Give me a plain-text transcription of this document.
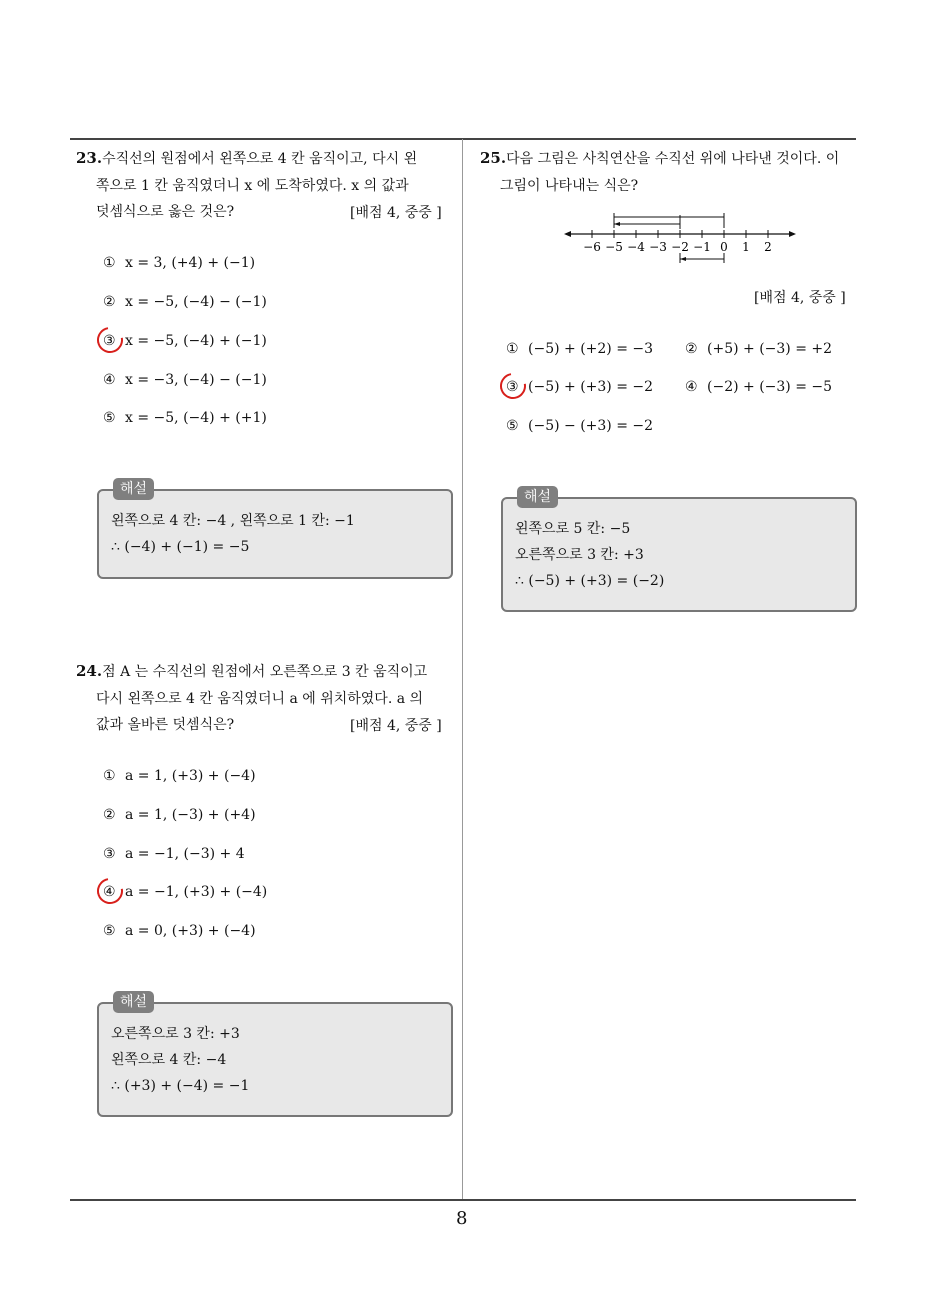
23.수직선의 원점에서 왼쪽으로 4 칸 움직이고, 다시 왼
쪽으로 1 칸 움직였더니 x 에 도착하였다. x 의 값과
덧셈식으로 옳은 것은?	[배점 4, 중중 ]
① x = 3, (+4) + (−1)
② x = −5, (−4) − (−1)
③ x = −5, (−4) + (−1)
④ x = −3, (−4) − (−1)
⑤ x = −5, (−4) + (+1)
해설
왼쪽으로 4 칸: −4 , 왼쪽으로 1 칸: −1
∴ (−4) + (−1) = −5
24.점 A 는 수직선의 원점에서 오른쪽으로 3 칸 움직이고
다시 왼쪽으로 4 칸 움직였더니 a 에 위치하였다. a 의
값과 올바른 덧셈식은?	[배점 4, 중중 ]
① a = 1, (+3) + (−4)
② a = 1, (−3) + (+4)
③ a = −1, (−3) + 4
④ a = −1, (+3) + (−4)
⑤ a = 0, (+3) + (−4)
해설
오른쪽으로 3 칸: +3
왼쪽으로 4 칸: −4
∴ (+3) + (−4) = −1
25.다음 그림은 사칙연산을 수직선 위에 나타낸 것이다. 이
그림이 나타내는 식은?
−6 −5 −4 −3 −2 −1 0 1 2
[배점 4, 중중 ]
① (−5) + (+2) = −3 ② (+5) + (−3) = +2
③ (−5) + (+3) = −2 ④ (−2) + (−3) = −5
⑤ (−5) − (+3) = −2
해설
왼쪽으로 5 칸: −5
오른쪽으로 3 칸: +3
∴ (−5) + (+3) = (−2)
8
